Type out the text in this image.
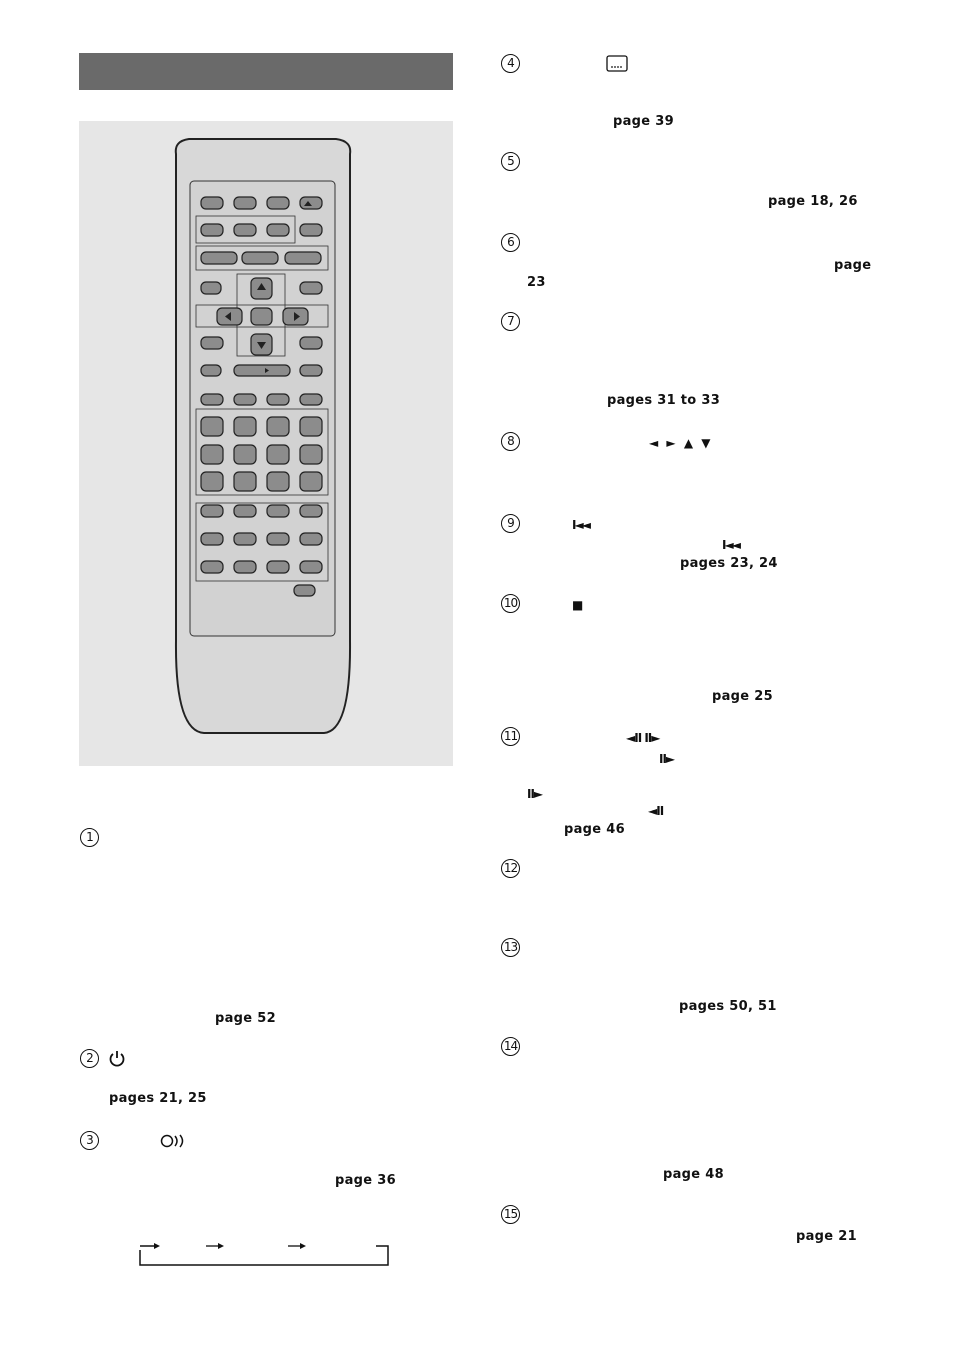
1
page 52
2
pages 21, 25
3
page 36
4
page 39
5
page 18, 26
6
page
23
7
pages 31 to 33
8	◄ ► ▲ ▼
9	I◄◄
I◄◄
pages 23, 24
10	■
page 25
11	◄II II►
II►
II►
◄II
page 46
12
13
pages 50, 51
14
page 48
15
page 21
